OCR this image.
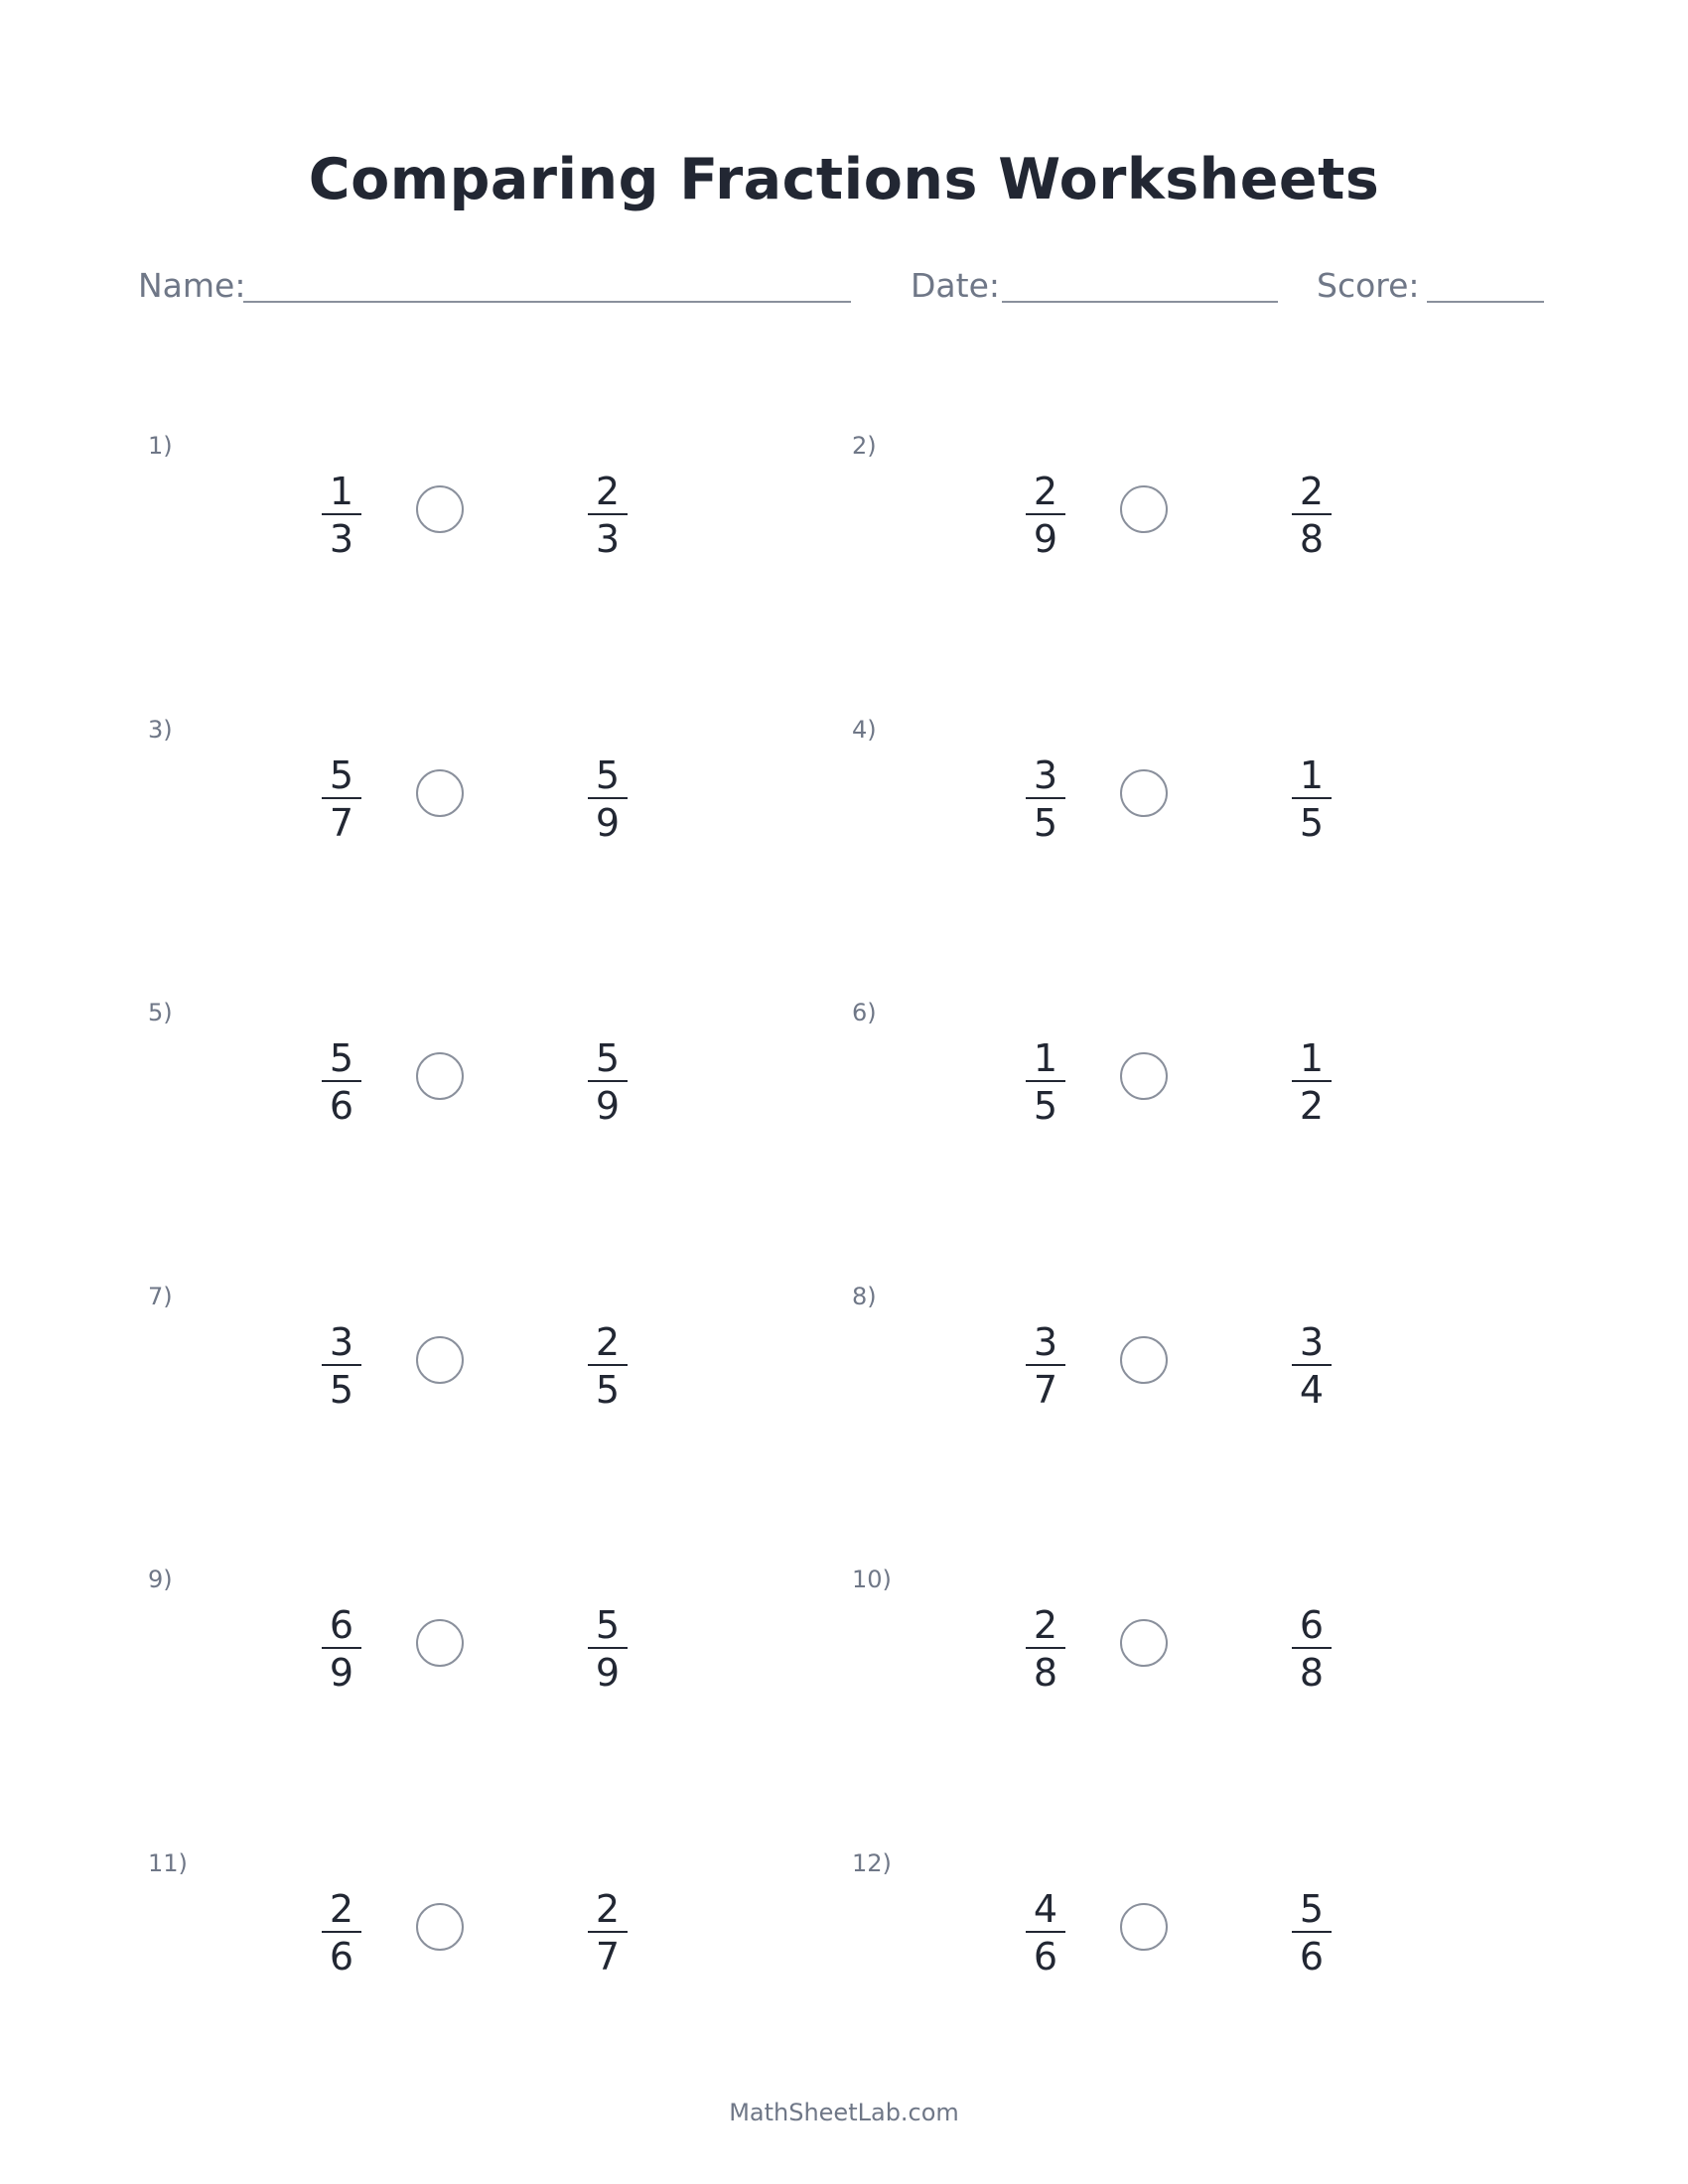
Comparing Fractions Worksheets
Name:	Date:	Score:
1)
1
3
2
3
2)
2
9
2
8
3)
5
7
5
9
4)
3
5
1
5
5)
5
6
5
9
6)
1
5
1
2
7)
3
5
2
5
8)
3
7
3
4
9)
6
9
5
9
10)
2
8
6
8
11)
2
6
2
7
12)
4
6
5
6
MathSheetLab.com
